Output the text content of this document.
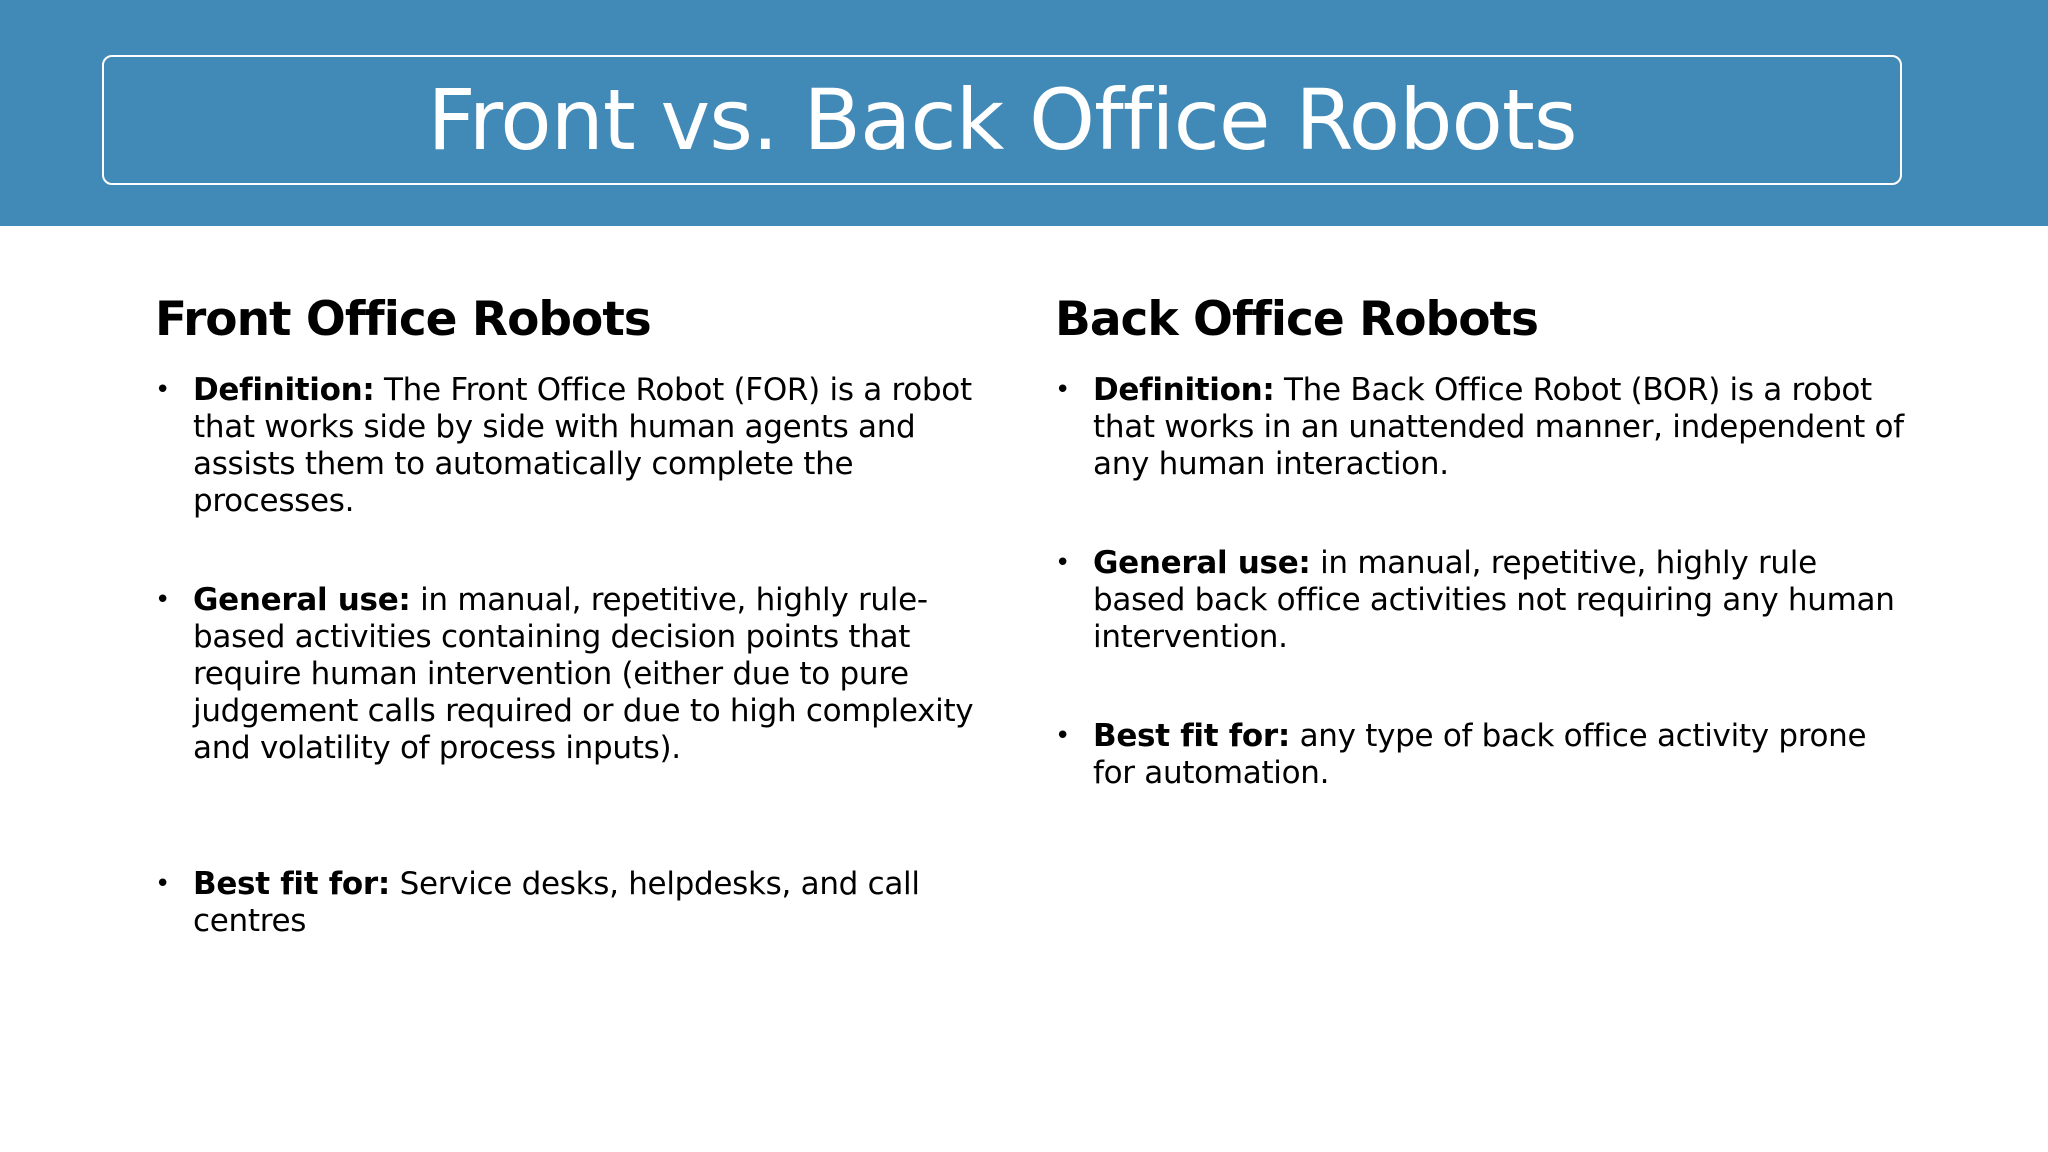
Front vs. Back Office Robots
Front Office Robots
• Definition: The Front Office Robot (FOR) is a robot that works side by side with human agents and assists them to automatically complete the processes.
• General use: in manual, repetitive, highly rule-based activities containing decision points that require human intervention (either due to pure judgement calls required or due to high complexity and volatility of process inputs).
• Best fit for: Service desks, helpdesks, and call centres
Back Office Robots
• Definition: The Back Office Robot (BOR) is a robot that works in an unattended manner, independent of any human interaction.
• General use: in manual, repetitive, highly rule based back office activities not requiring any human intervention.
• Best fit for: any type of back office activity prone for automation.
